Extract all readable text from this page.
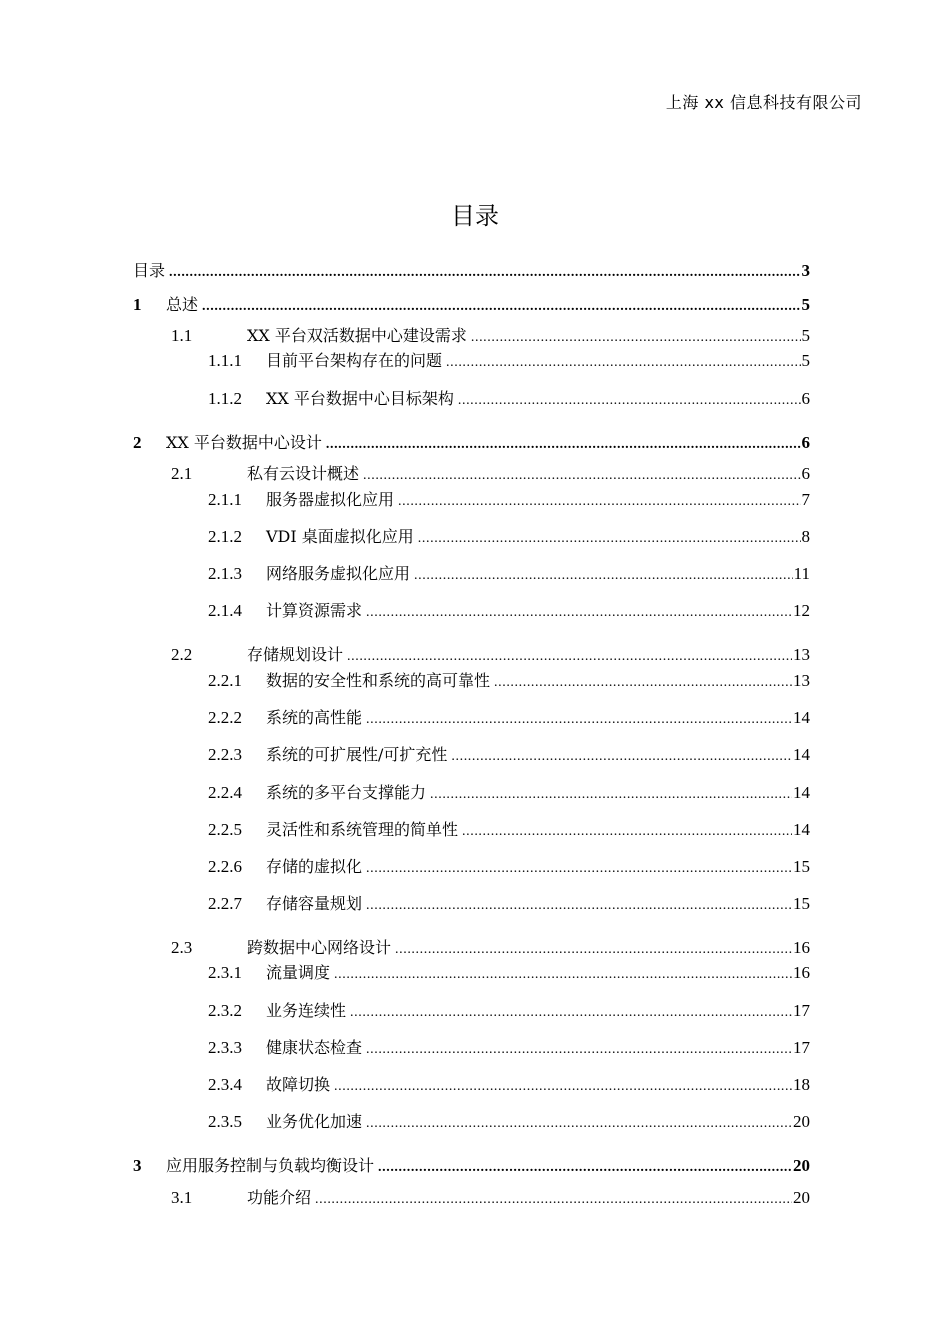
上海 xx 信息科技有限公司
目录
目录 .....	3
1 总述 .....	5
1.1	XX 平台双活数据中心建设需求 .....	5
1.1.1 目前平台架构存在的问题 .....	5
1.1.2 XX 平台数据中心目标架构 .....	6
2 XX 平台数据中心设计 .....	6
2.1	私有云设计概述 .....	6
2.1.1 服务器虚拟化应用 .....	7
2.1.2 VDI 桌面虚拟化应用 .....	8
2.1.3 网络服务虚拟化应用 .....	11
2.1.4 计算资源需求 .....	12
2.2	存储规划设计 .....	13
2.2.1 数据的安全性和系统的高可靠性 .....	13
2.2.2 系统的高性能 .....	14
2.2.3 系统的可扩展性/可扩充性 .....	14
2.2.4 系统的多平台支撑能力 .....	14
2.2.5 灵活性和系统管理的简单性 .....	14
2.2.6 存储的虚拟化 .....	15
2.2.7 存储容量规划 .....	15
2.3	跨数据中心网络设计 .....	16
2.3.1 流量调度 .....	16
2.3.2 业务连续性 .....	17
2.3.3 健康状态检查 .....	17
2.3.4 故障切换 .....	18
2.3.5 业务优化加速 .....	20
3 应用服务控制与负载均衡设计 .....	20
3.1	功能介绍 .....	20
